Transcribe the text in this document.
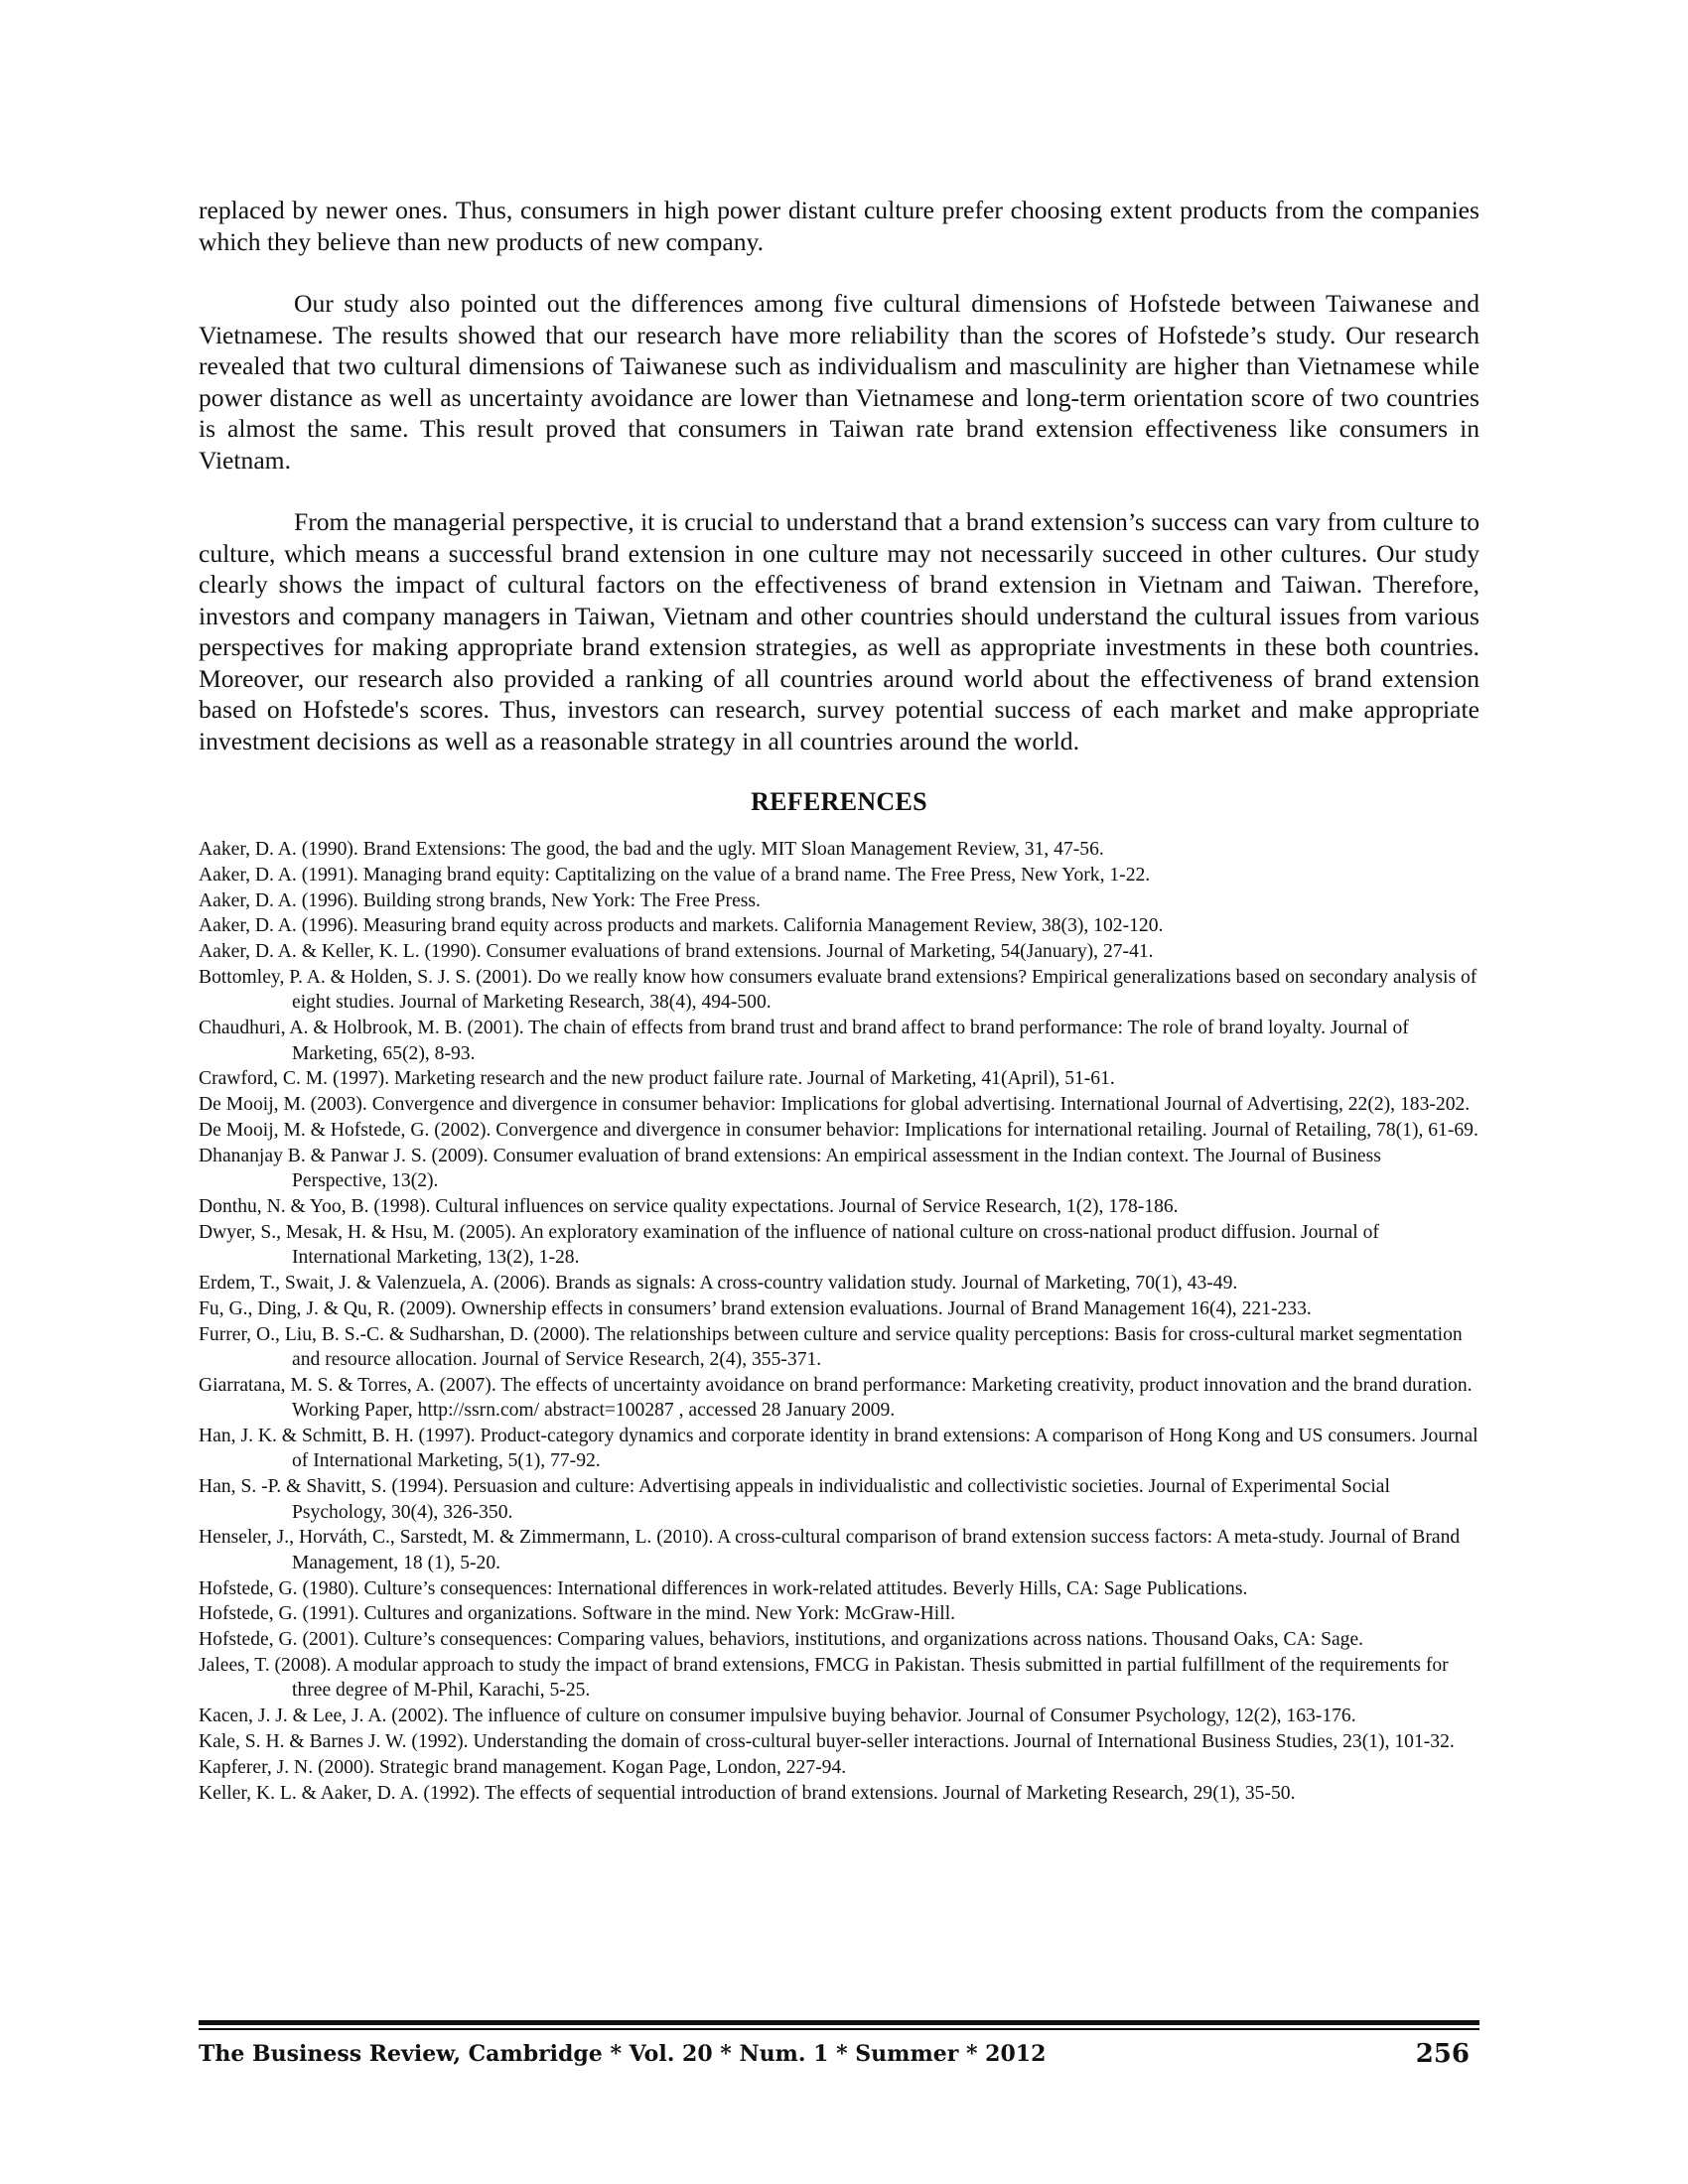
replaced by newer ones. Thus, consumers in high power distant culture prefer choosing extent products from the companies which they believe than new products of new company.

Our study also pointed out the differences among five cultural dimensions of Hofstede between Taiwanese and Vietnamese. The results showed that our research have more reliability than the scores of Hofstede’s study. Our research revealed that two cultural dimensions of Taiwanese such as individualism and masculinity are higher than Vietnamese while power distance as well as uncertainty avoidance are lower than Vietnamese and long-term orientation score of two countries is almost the same. This result proved that consumers in Taiwan rate brand extension effectiveness like consumers in Vietnam.

From the managerial perspective, it is crucial to understand that a brand extension’s success can vary from culture to culture, which means a successful brand extension in one culture may not necessarily succeed in other cultures. Our study clearly shows the impact of cultural factors on the effectiveness of brand extension in Vietnam and Taiwan. Therefore, investors and company managers in Taiwan, Vietnam and other countries should understand the cultural issues from various perspectives for making appropriate brand extension strategies, as well as appropriate investments in these both countries. Moreover, our research also provided a ranking of all countries around world about the effectiveness of brand extension based on Hofstede's scores. Thus, investors can research, survey potential success of each market and make appropriate investment decisions as well as a reasonable strategy in all countries around the world.

REFERENCES
Aaker, D. A. (1990). Brand Extensions: The good, the bad and the ugly. MIT Sloan Management Review, 31, 47-56.
Aaker, D. A. (1991). Managing brand equity: Captitalizing on the value of a brand name. The Free Press, New York, 1-22.
Aaker, D. A. (1996). Building strong brands, New York: The Free Press.
Aaker, D. A. (1996). Measuring brand equity across products and markets. California Management Review, 38(3), 102-120.
Aaker, D. A. & Keller, K. L. (1990). Consumer evaluations of brand extensions. Journal of Marketing, 54(January), 27-41.
Bottomley, P. A. & Holden, S. J. S. (2001). Do we really know how consumers evaluate brand extensions? Empirical generalizations based on secondary analysis of eight studies. Journal of Marketing Research, 38(4), 494-500.
Chaudhuri, A. & Holbrook, M. B. (2001). The chain of effects from brand trust and brand affect to brand performance: The role of brand loyalty. Journal of Marketing, 65(2), 8-93.
Crawford, C. M. (1997). Marketing research and the new product failure rate. Journal of Marketing, 41(April), 51-61.
De Mooij, M. (2003). Convergence and divergence in consumer behavior: Implications for global advertising. International Journal of Advertising, 22(2), 183-202.
De Mooij, M. & Hofstede, G. (2002). Convergence and divergence in consumer behavior: Implications for international retailing. Journal of Retailing, 78(1), 61-69.
Dhananjay B. & Panwar J. S. (2009). Consumer evaluation of brand extensions: An empirical assessment in the Indian context. The Journal of Business Perspective, 13(2).
Donthu, N. & Yoo, B. (1998). Cultural influences on service quality expectations. Journal of Service Research, 1(2), 178-186.
Dwyer, S., Mesak, H. & Hsu, M. (2005). An exploratory examination of the influence of national culture on cross-national product diffusion. Journal of International Marketing, 13(2), 1-28.
Erdem, T., Swait, J. & Valenzuela, A. (2006). Brands as signals: A cross-country validation study. Journal of Marketing, 70(1), 43-49.
Fu, G., Ding, J. & Qu, R. (2009). Ownership effects in consumers’ brand extension evaluations. Journal of Brand Management 16(4), 221-233.
Furrer, O., Liu, B. S.-C. & Sudharshan, D. (2000). The relationships between culture and service quality perceptions: Basis for cross-cultural market segmentation and resource allocation. Journal of Service Research, 2(4), 355-371.
Giarratana, M. S. & Torres, A. (2007). The effects of uncertainty avoidance on brand performance: Marketing creativity, product innovation and the brand duration. Working Paper, http://ssrn.com/ abstract=100287 , accessed 28 January 2009.
Han, J. K. & Schmitt, B. H. (1997). Product-category dynamics and corporate identity in brand extensions: A comparison of Hong Kong and US consumers. Journal of International Marketing, 5(1), 77-92.
Han, S. -P. & Shavitt, S. (1994). Persuasion and culture: Advertising appeals in individualistic and collectivistic societies. Journal of Experimental Social Psychology, 30(4), 326-350.
Henseler, J., Horváth, C., Sarstedt, M. & Zimmermann, L. (2010). A cross-cultural comparison of brand extension success factors: A meta-study. Journal of Brand Management, 18 (1), 5-20.
Hofstede, G. (1980). Culture’s consequences: International differences in work-related attitudes. Beverly Hills, CA: Sage Publications.
Hofstede, G. (1991). Cultures and organizations. Software in the mind. New York: McGraw-Hill.
Hofstede, G. (2001). Culture’s consequences: Comparing values, behaviors, institutions, and organizations across nations. Thousand Oaks, CA: Sage.
Jalees, T. (2008). A modular approach to study the impact of brand extensions, FMCG in Pakistan. Thesis submitted in partial fulfillment of the requirements for three degree of M-Phil, Karachi, 5-25.
Kacen, J. J. & Lee, J. A. (2002). The influence of culture on consumer impulsive buying behavior. Journal of Consumer Psychology, 12(2), 163-176.
Kale, S. H. & Barnes J. W. (1992). Understanding the domain of cross-cultural buyer-seller interactions. Journal of International Business Studies, 23(1), 101-32.
Kapferer, J. N. (2000). Strategic brand management. Kogan Page, London, 227-94.
Keller, K. L. & Aaker, D. A. (1992). The effects of sequential introduction of brand extensions. Journal of Marketing Research, 29(1), 35-50.
The Business Review, Cambridge * Vol. 20 * Num. 1 * Summer * 2012	256
